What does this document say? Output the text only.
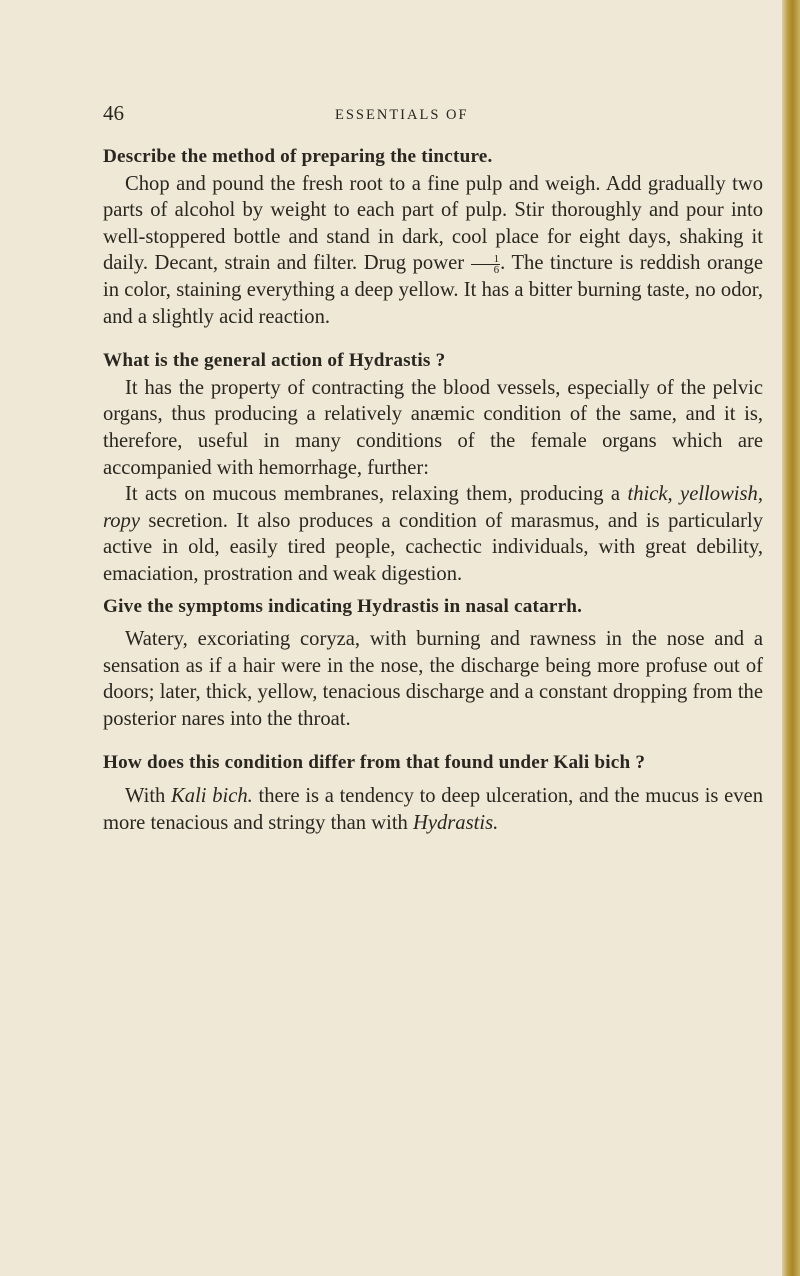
46	ESSENTIALS OF

Describe the method of preparing the tincture.

Chop and pound the fresh root to a fine pulp and weigh. Add gradually two parts of alcohol by weight to each part of pulp. Stir thoroughly and pour into well-stoppered bottle and stand in dark, cool place for eight days, shaking it daily. Decant, strain and filter. Drug power $\frac{1}{6}$ . The tincture is reddish orange in color, staining everything a deep yellow. It has a bitter burning taste, no odor, and a slightly acid reaction.

What is the general action of Hydrastis ?

It has the property of contracting the blood vessels, especially of the pelvic organs, thus producing a relatively anæmic condition of the same, and it is, therefore, useful in many conditions of the female organs which are accompanied with hemorrhage, further:

It acts on mucous membranes, relaxing them, producing a thick, yellowish, ropy secretion. It also produces a condition of marasmus, and is particularly active in old, easily tired people, cachectic individuals, with great debility, emaciation, prostration and weak digestion.

Give the symptoms indicating Hydrastis in nasal catarrh.

Watery, excoriating coryza, with burning and rawness in the nose and a sensation as if a hair were in the nose, the discharge being more profuse out of doors; later, thick, yellow, tenacious discharge and a constant dropping from the posterior nares into the throat.

How does this condition differ from that found under Kali bich ?

With Kali bich. there is a tendency to deep ulceration, and the mucus is even more tenacious and stringy than with Hydrastis.
